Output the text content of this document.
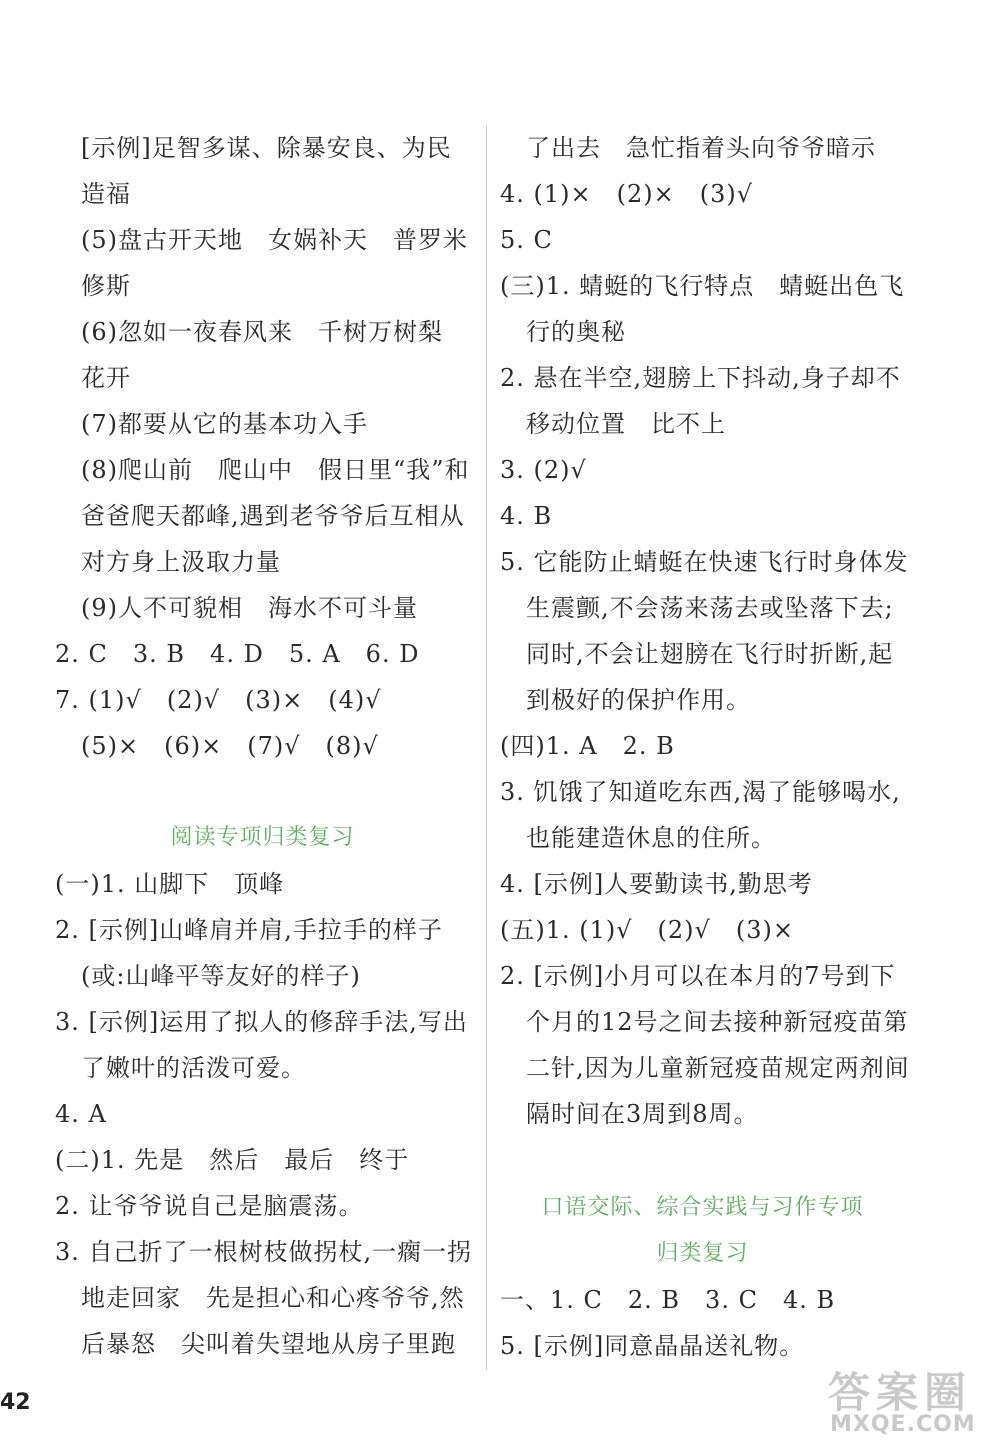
[示例]足智多谋、除暴安良、为民
造福
(5)盘古开天地　女娲补天　普罗米
修斯
(6)忽如一夜春风来　千树万树梨
花开
(7)都要从它的基本功入手
(8)爬山前　爬山中　假日里“我”和
爸爸爬天都峰,遇到老爷爷后互相从
对方身上汲取力量
(9)人不可貌相　海水不可斗量
2. C　3. B　4. D　5. A　6. D
7. (1)√　(2)√　(3)×　(4)√
(5)×　(6)×　(7)√　(8)√
阅读专项归类复习
(一)1. 山脚下　顶峰
2. [示例]山峰肩并肩,手拉手的样子
(或:山峰平等友好的样子)
3. [示例]运用了拟人的修辞手法,写出
了嫩叶的活泼可爱。
4. A
(二)1. 先是　然后　最后　终于
2. 让爷爷说自己是脑震荡。
3. 自己折了一根树枝做拐杖,一瘸一拐
地走回家　先是担心和心疼爷爷,然
后暴怒　尖叫着失望地从房子里跑
了出去　急忙指着头向爷爷暗示
4. (1)×　(2)×　(3)√
5. C
(三)1. 蜻蜓的飞行特点　蜻蜓出色飞
行的奥秘
2. 悬在半空,翅膀上下抖动,身子却不
移动位置　比不上
3. (2)√
4. B
5. 它能防止蜻蜓在快速飞行时身体发
生震颤,不会荡来荡去或坠落下去;
同时,不会让翅膀在飞行时折断,起
到极好的保护作用。
(四)1. A　2. B
3. 饥饿了知道吃东西,渴了能够喝水,
也能建造休息的住所。
4. [示例]人要勤读书,勤思考
(五)1. (1)√　(2)√　(3)×
2. [示例]小月可以在本月的7号到下
个月的12号之间去接种新冠疫苗第
二针,因为儿童新冠疫苗规定两剂间
隔时间在3周到8周。
口语交际、综合实践与习作专项
归类复习
一、1. C　2. B　3. C　4. B
5. [示例]同意晶晶送礼物。
42	答案圈
MXQE.COM
